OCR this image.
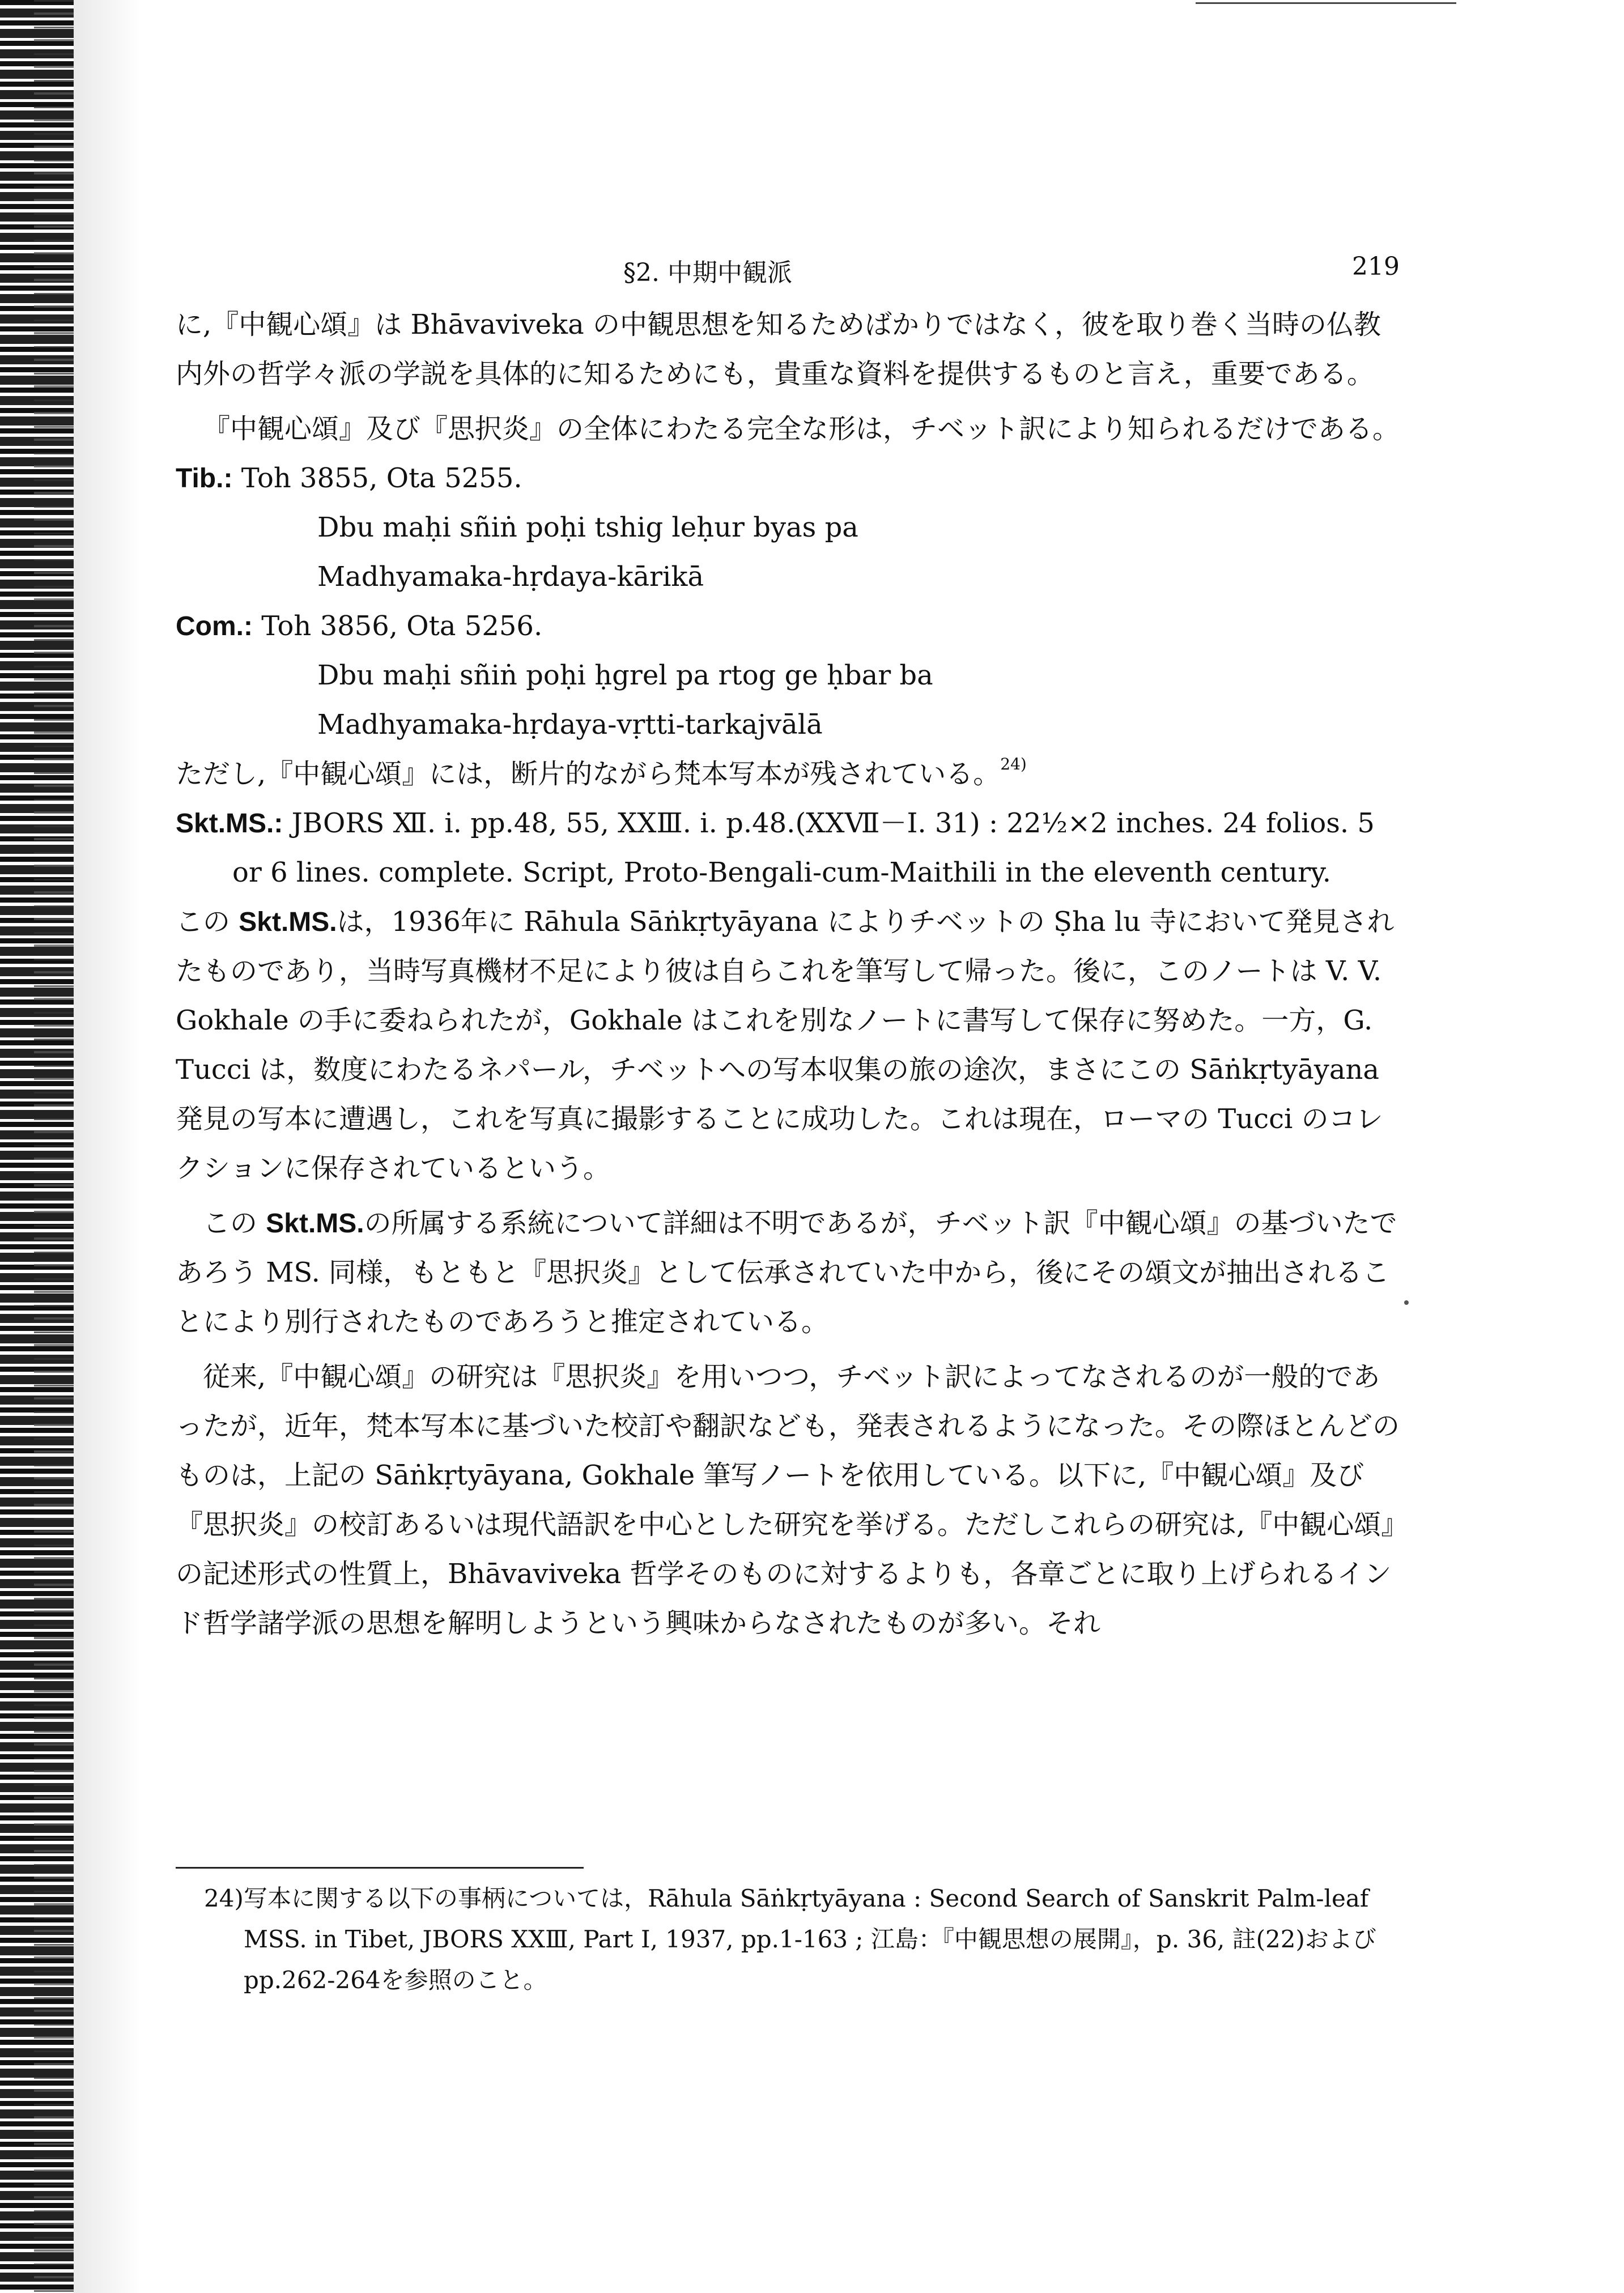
§2. 中期中観派	219

に,『中観心頌』は Bhāvaviveka の中観思想を知るためばかりではなく，彼を取り巻く当時の仏教内外の哲学々派の学説を具体的に知るためにも，貴重な資料を提供するものと言え，重要である。

『中観心頌』及び『思択炎』の全体にわたる完全な形は，チベット訳により知られるだけである。

Tib.: Toh 3855, Ota 5255.

Dbu maḥi sñiṅ poḥi tshig leḥur byas pa

Madhyamaka-hṛdaya-kārikā

Com.: Toh 3856, Ota 5256.

Dbu maḥi sñiṅ poḥi ḥgrel pa rtog ge ḥbar ba

Madhyamaka-hṛdaya-vṛtti-tarkajvālā

ただし,『中観心頌』には，断片的ながら梵本写本が残されている。$^{24)}$

Skt.MS.: JBORS Ⅻ. i. pp.48, 55, XXⅢ. i. p.48.(XXⅦ－Ⅰ. 31) : 22½×2 inches. 24 folios. 5

or 6 lines. complete. Script, Proto-Bengali-cum-Maithili in the eleventh century.

この Skt.MS.は，1936年に Rāhula Sāṅkṛtyāyana によりチベットの Ṣha lu 寺において発見されたものであり，当時写真機材不足により彼は自らこれを筆写して帰った。後に，このノートは V. V. Gokhale の手に委ねられたが，Gokhale はこれを別なノートに書写して保存に努めた。一方，G. Tucci は，数度にわたるネパール，チベットへの写本収集の旅の途次，まさにこの Sāṅkṛtyāyana 発見の写本に遭遇し，これを写真に撮影することに成功した。これは現在，ローマの Tucci のコレクションに保存されているという。

この Skt.MS.の所属する系統について詳細は不明であるが，チベット訳『中観心頌』の基づいたであろう MS. 同様，もともと『思択炎』として伝承されていた中から，後にその頌文が抽出されることにより別行されたものであろうと推定されている。

従来,『中観心頌』の研究は『思択炎』を用いつつ，チベット訳によってなされるのが一般的であったが，近年，梵本写本に基づいた校訂や翻訳なども，発表されるようになった。その際ほとんどのものは，上記の Sāṅkṛtyāyana, Gokhale 筆写ノートを依用している。以下に,『中観心頌』及び『思択炎』の校訂あるいは現代語訳を中心とした研究を挙げる。ただしこれらの研究は,『中観心頌』の記述形式の性質上，Bhāvaviveka 哲学そのものに対するよりも，各章ごとに取り上げられるインド哲学諸学派の思想を解明しようという興味からなされたものが多い。それ

24) 写本に関する以下の事柄については，Rāhula Sāṅkṛtyāyana : Second Search of Sanskrit Palm-leaf MSS. in Tibet, JBORS XXⅢ, Part Ⅰ, 1937, pp.1-163 ; 江島：『中観思想の展開』，p. 36, 註(22)および pp.262-264を参照のこと。
